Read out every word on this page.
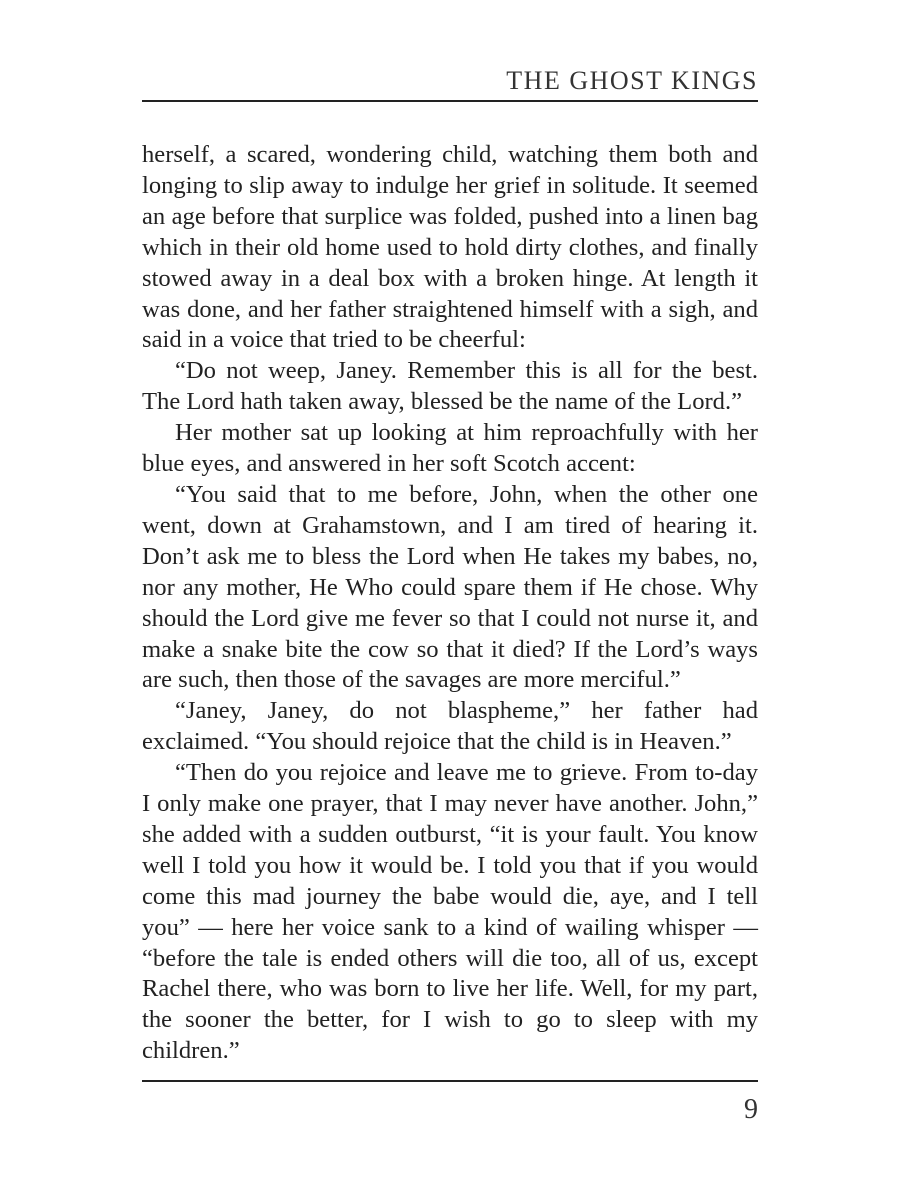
THE GHOST KINGS

herself, a scared, wondering child, watching them both and longing to slip away to indulge her grief in solitude. It seemed an age before that surplice was folded, pushed into a linen bag which in their old home used to hold dirty clothes, and finally stowed away in a deal box with a broken hinge. At length it was done, and her father straightened himself with a sigh, and said in a voice that tried to be cheerful:

“Do not weep, Janey. Remember this is all for the best. The Lord hath taken away, blessed be the name of the Lord.”

Her mother sat up looking at him reproachfully with her blue eyes, and answered in her soft Scotch accent:

“You said that to me before, John, when the other one went, down at Grahamstown, and I am tired of hearing it. Don’t ask me to bless the Lord when He takes my babes, no, nor any mother, He Who could spare them if He chose. Why should the Lord give me fever so that I could not nurse it, and make a snake bite the cow so that it died? If the Lord’s ways are such, then those of the savages are more merciful.”

“Janey, Janey, do not blaspheme,” her father had exclaimed. “You should rejoice that the child is in Heaven.”

“Then do you rejoice and leave me to grieve. From to-day I only make one prayer, that I may never have another. John,” she added with a sudden outburst, “it is your fault. You know well I told you how it would be. I told you that if you would come this mad journey the babe would die, aye, and I tell you” — here her voice sank to a kind of wailing whisper — “before the tale is ended others will die too, all of us, except Rachel there, who was born to live her life. Well, for my part, the sooner the better, for I wish to go to sleep with my children.”

9
